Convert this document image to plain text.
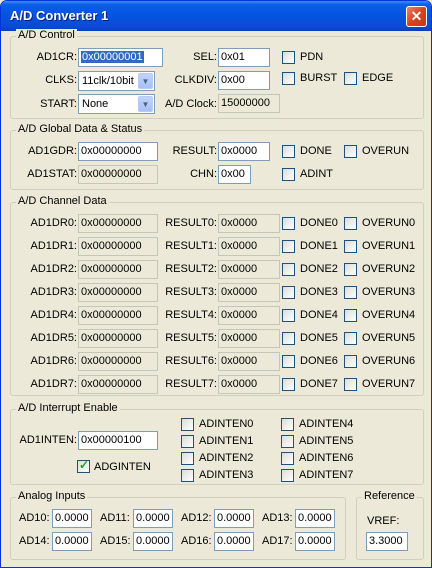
A/D Converter 1	✕
A/D Control
AD1CR: 0x00000001
CLKS: 11clk/10bit ▼
START: None	▼
SEL: 0x01
CLKDIV: 0x00
A/D Clock: 15000000
PDN
BURST EDGE
A/D Global Data & Status
AD1GDR: 0x00000000
AD1STAT: 0x00000000
RESULT: 0x0000
CHN: 0x00
DONE	OVERUN
ADINT
A/D Channel Data
AD1DR0: 0x00000000	RESULT0: 0x0000	DONE0 OVERUN0
AD1DR1: 0x00000000	RESULT1: 0x0000	DONE1 OVERUN1
AD1DR2: 0x00000000	RESULT2: 0x0000	DONE2 OVERUN2
AD1DR3: 0x00000000	RESULT3: 0x0000	DONE3 OVERUN3
AD1DR4: 0x00000000	RESULT4: 0x0000	DONE4 OVERUN4
AD1DR5: 0x00000000	RESULT5: 0x0000	DONE5 OVERUN5
AD1DR6: 0x00000000	RESULT6: 0x0000	DONE6 OVERUN6
AD1DR7: 0x00000000	RESULT7: 0x0000	DONE7 OVERUN7
A/D Interrupt Enable
AD1INTEN: 0x00000100
✓
ADGINTEN
ADINTEN0
ADINTEN1
ADINTEN2
ADINTEN3
ADINTEN4
ADINTEN5
ADINTEN6
ADINTEN7
Analog Inputs
AD10: 0.0000	AD11: 0.0000	AD12: 0.0000	AD13: 0.0000
AD14: 0.0000	AD15: 0.0000	AD16: 0.0000	AD17: 0.0000
Reference
VREF:
3.3000
